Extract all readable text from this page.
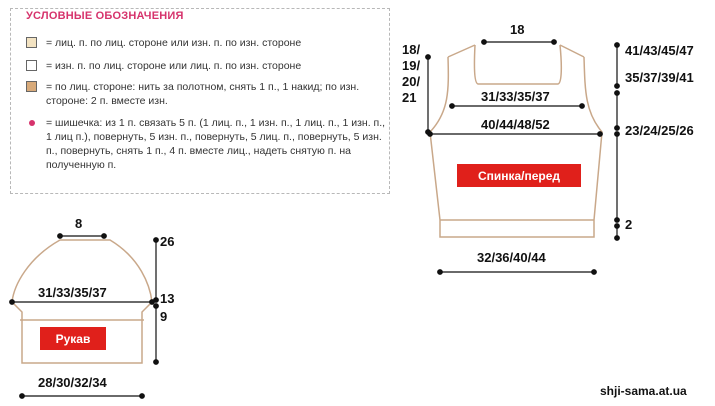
УСЛОВНЫЕ ОБОЗНАЧЕНИЯ
= лиц. п. по лиц. стороне или изн. п. по изн. стороне
= изн. п. по лиц. стороне или лиц. п. по изн. стороне
= по лиц. стороне: нить за полотном, снять 1 п., 1 накид; по изн. стороне: 2 п. вместе изн.
= шишечка: из 1 п. связать 5 п. (1 лиц. п., 1 изн. п., 1 лиц. п., 1 изн. п., 1 лиц п.), повернуть, 5 изн. п., повернуть, 5 лиц. п., повернуть, 5 изн. п., повернуть, снять 1 п., 4 п. вместе лиц., надеть снятую п. на полученную п.
18
18/
19/
20/
21	31/33/35/37
40/44/48/52
41/43/45/47
35/37/39/41
23/24/25/26
2
32/36/40/44
Спинка/перед
8
26
31/33/35/37	13
9
28/30/32/34
Рукав
shji-sama.at.ua
